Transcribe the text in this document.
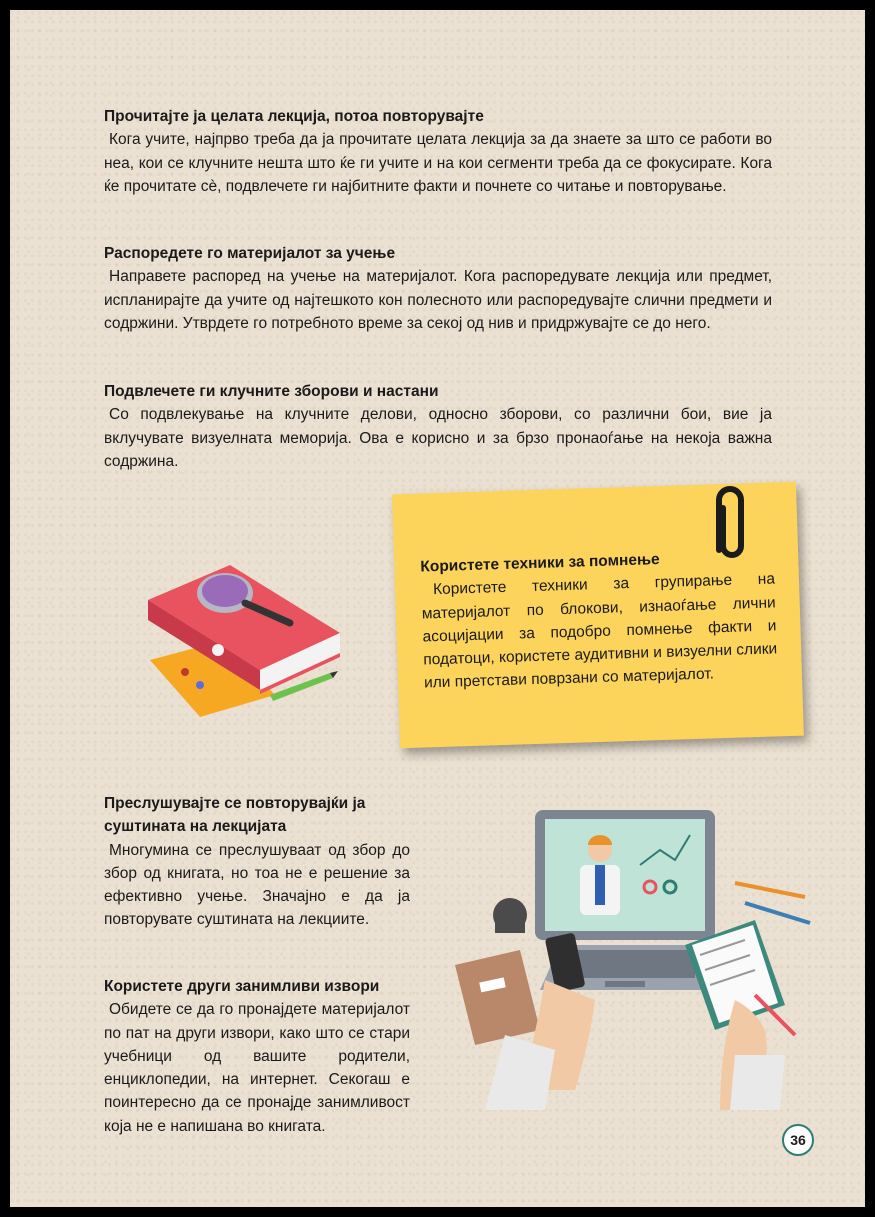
Прочитајте ја целата лекција, потоа повторувајте

Кога учите, најпрво треба да ја прочитате целата лекција за да знаете за што се работи во неа, кои се клучните нешта што ќе ги учите и на кои сегменти треба да се фокусирате. Кога ќе прочитате сè, подвлечете ги најбитните факти и почнете со читање и повторување.

Распоредете го материјалот за учење

Направете распоред на учење на материјалот. Кога распоредувате лекција или предмет, испланирајте да учите од најтешкото кон полесното или распоредувајте слични предмети и содржини. Утврдете го потребното време за секој од нив и придржувајте се до него.

Подвлечете ги клучните зборови и настани

Со подвлекување на клучните делови, односно зборови, со различни бои, вие ја вклучувате визуелната меморија. Ова е корисно и за брзо пронаоѓање на некоја важна содржина.

Користете техники за помнење

Користете техники за групирање на материјалот по блокови, изнаоѓање лични асоцијации за подобро помнење факти и податоци, користете аудитивни и визуелни слики или претстави поврзани со материјалот.

Преслушувајте се повторувајќи ја суштината на лекцијата

Многумина се преслушуваат од збор до збор од книгата, но тоа не е решение за ефективно учење. Значајно е да ја повторувате суштината на лекциите.

Користете други занимливи извори

Обидете се да го пронајдете материјалот по пат на други извори, како што се стари учебници од вашите родители, енциклопедии, на интернет. Секогаш е поинтересно да се пронајде занимливост која не е напишана во книгата.

36
